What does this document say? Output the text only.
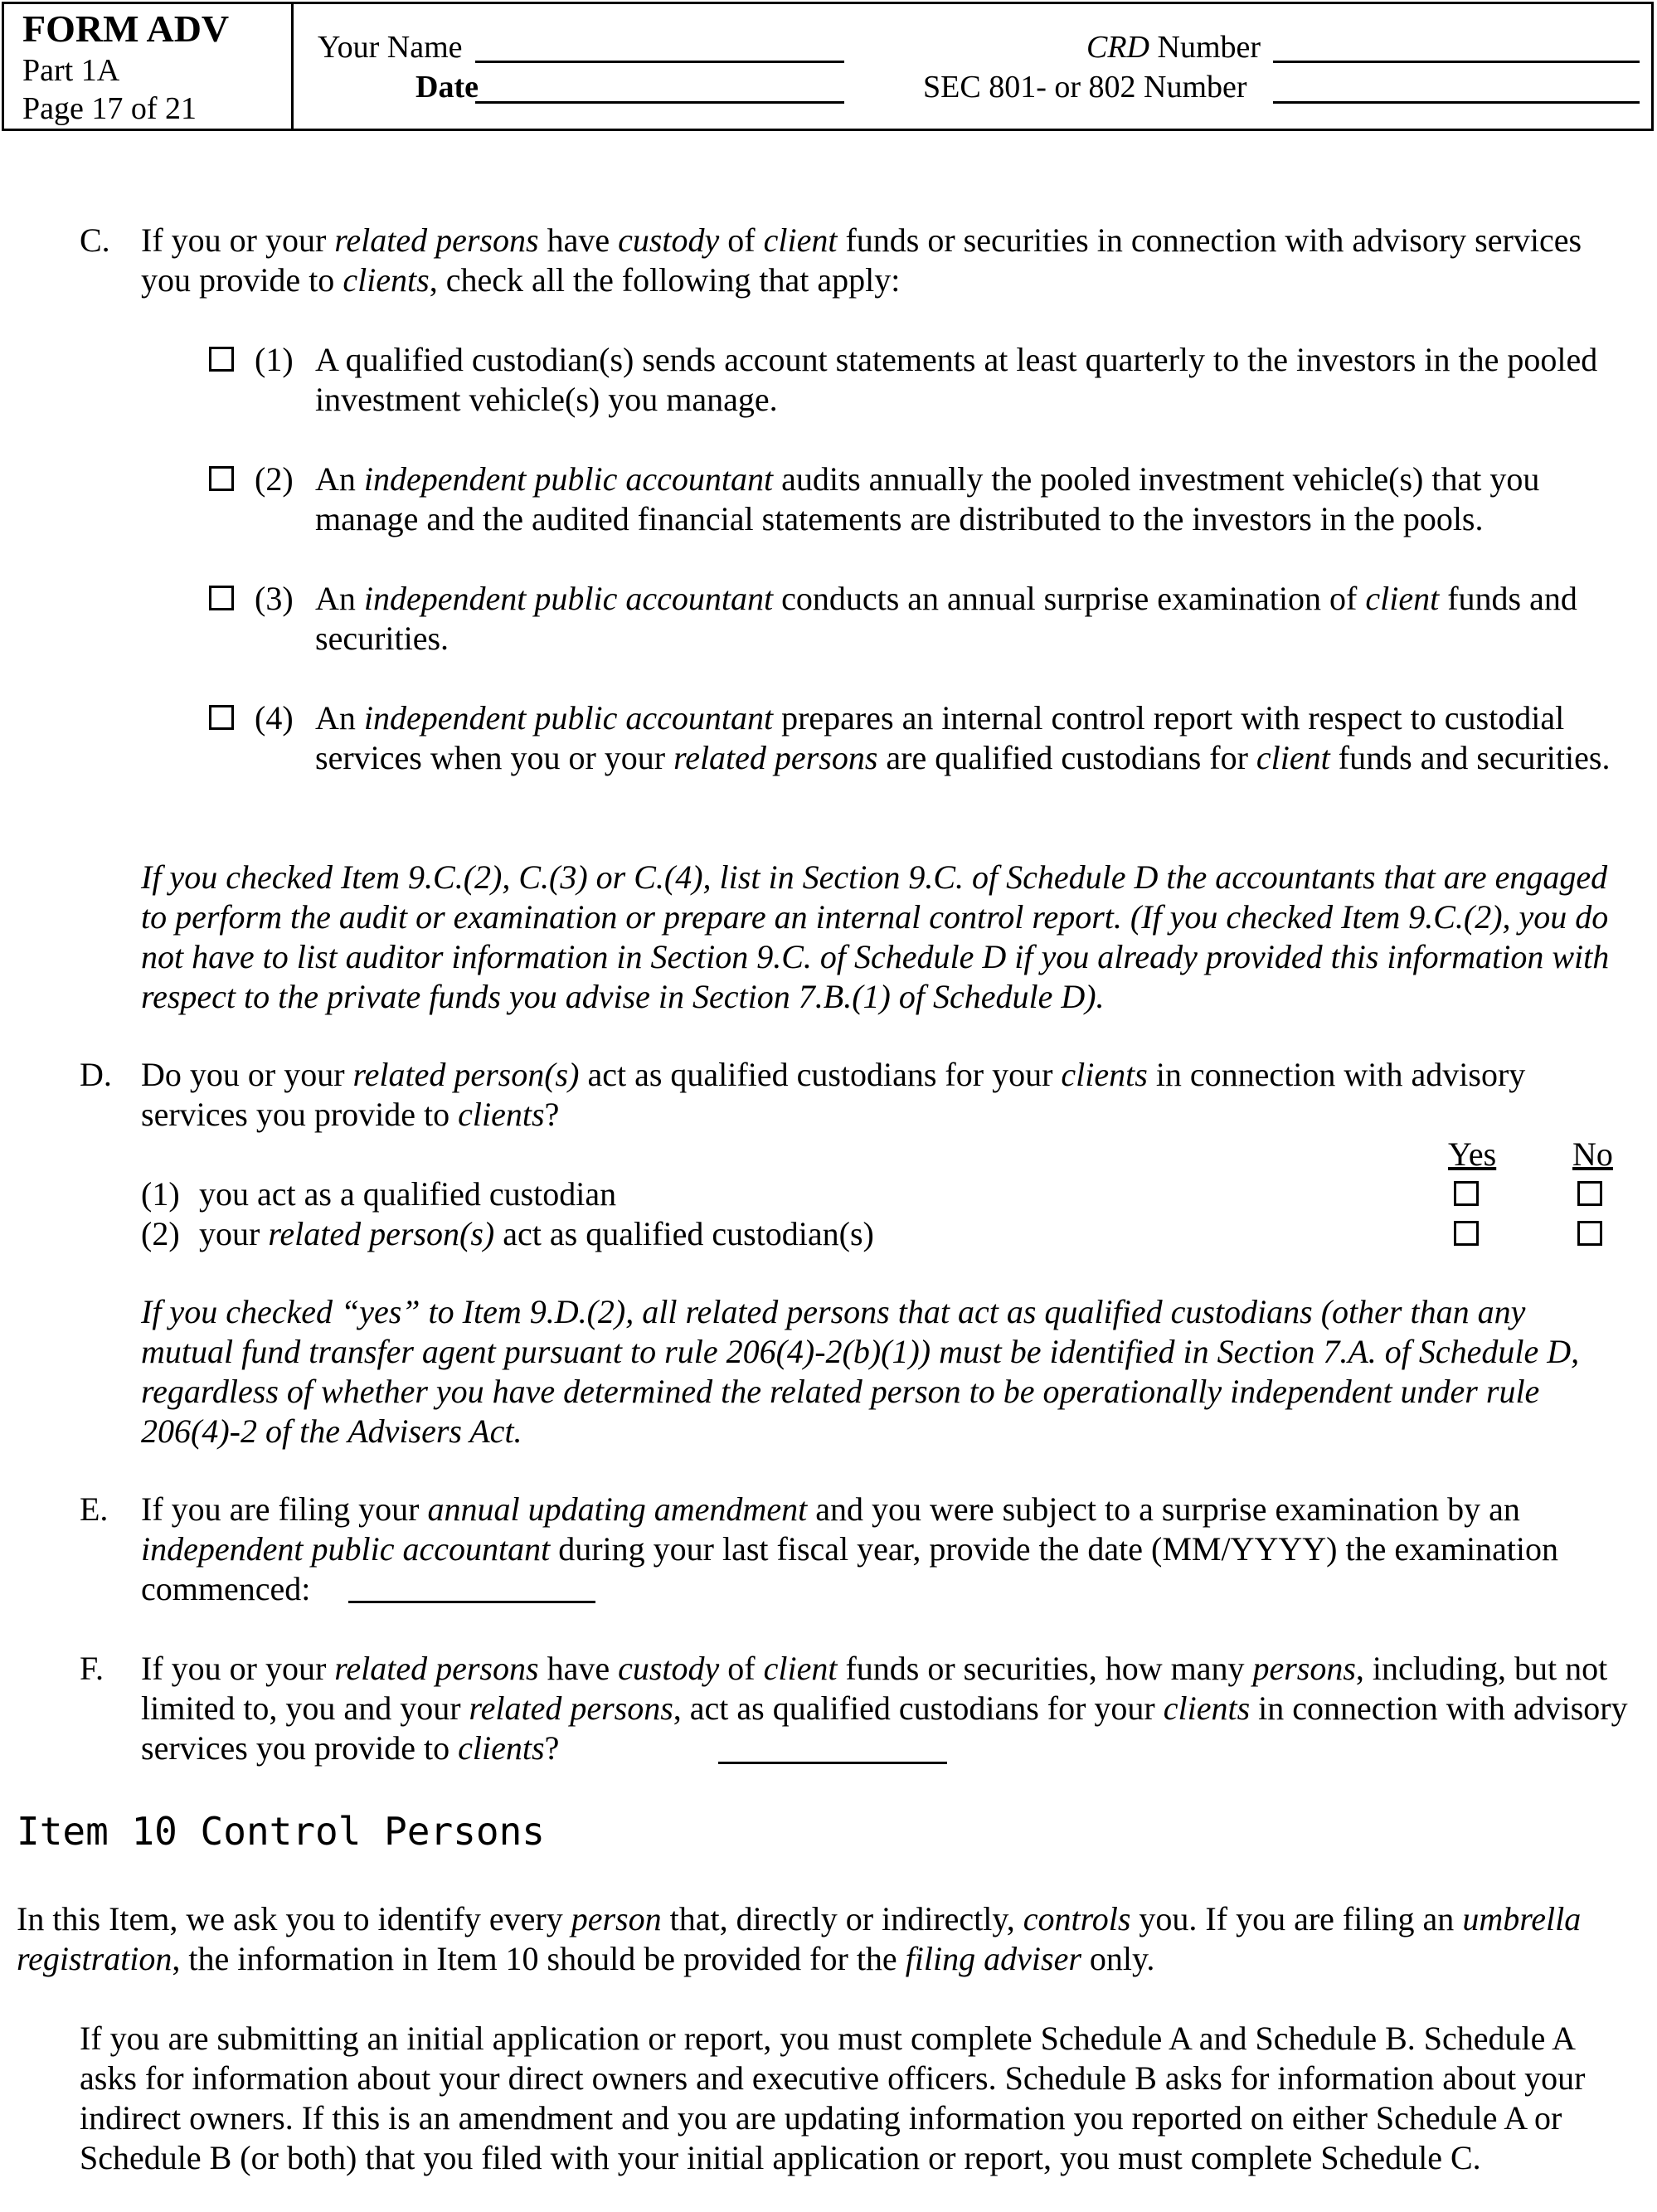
FORM ADV
Part 1A
Page 17 of 21
Your Name
Date
CRD Number
SEC 801- or 802 Number
C. If you or your related persons have custody of client funds or securities in connection with advisory services you provide to clients, check all the following that apply:
(1) A qualified custodian(s) sends account statements at least quarterly to the investors in the pooled investment vehicle(s) you manage.
(2) An independent public accountant audits annually the pooled investment vehicle(s) that you manage and the audited financial statements are distributed to the investors in the pools.
(3) An independent public accountant conducts an annual surprise examination of client funds and securities.
(4) An independent public accountant prepares an internal control report with respect to custodial services when you or your related persons are qualified custodians for client funds and securities.
If you checked Item 9.C.(2), C.(3) or C.(4), list in Section 9.C. of Schedule D the accountants that are engaged to perform the audit or examination or prepare an internal control report. (If you checked Item 9.C.(2), you do not have to list auditor information in Section 9.C. of Schedule D if you already provided this information with respect to the private funds you advise in Section 7.B.(1) of Schedule D).
D. Do you or your related person(s) act as qualified custodians for your clients in connection with advisory services you provide to clients?
Yes No
(1) you act as a qualified custodian
(2) your related person(s) act as qualified custodian(s)
If you checked “yes” to Item 9.D.(2), all related persons that act as qualified custodians (other than any mutual fund transfer agent pursuant to rule 206(4)-2(b)(1)) must be identified in Section 7.A. of Schedule D, regardless of whether you have determined the related person to be operationally independent under rule 206(4)-2 of the Advisers Act.
E. If you are filing your annual updating amendment and you were subject to a surprise examination by an independent public accountant during your last fiscal year, provide the date (MM/YYYY) the examination commenced:
F. If you or your related persons have custody of client funds or securities, how many persons, including, but not limited to, you and your related persons, act as qualified custodians for your clients in connection with advisory services you provide to clients?
Item 10 Control Persons
In this Item, we ask you to identify every person that, directly or indirectly, controls you. If you are filing an umbrella registration, the information in Item 10 should be provided for the filing adviser only.
If you are submitting an initial application or report, you must complete Schedule A and Schedule B. Schedule A asks for information about your direct owners and executive officers. Schedule B asks for information about your indirect owners. If this is an amendment and you are updating information you reported on either Schedule A or Schedule B (or both) that you filed with your initial application or report, you must complete Schedule C.
